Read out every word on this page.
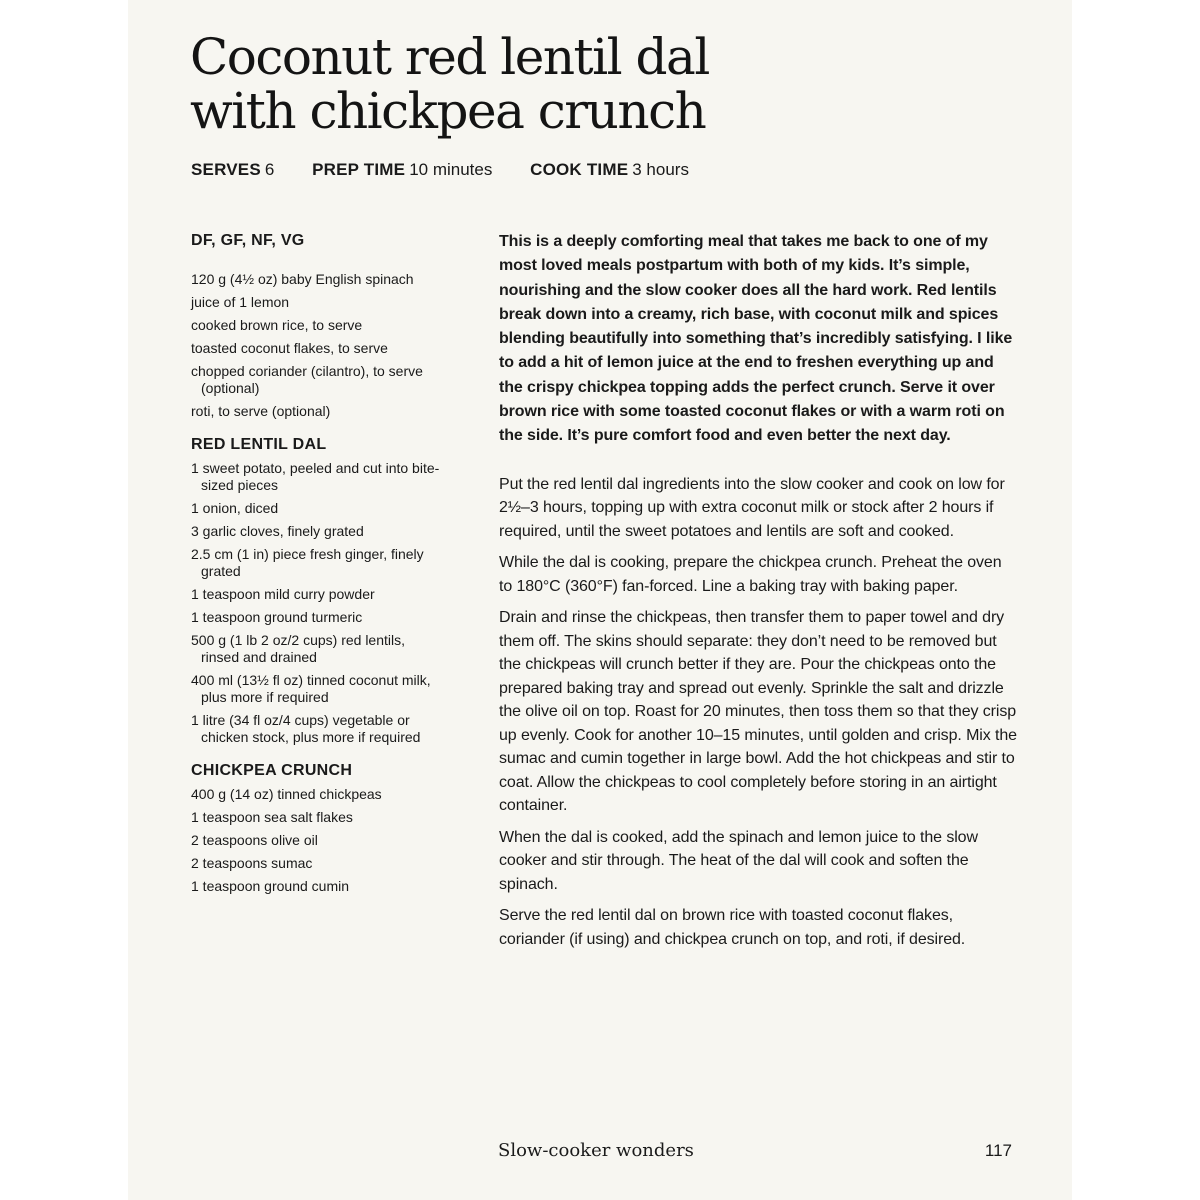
Coconut red lentil dal
with chickpea crunch
SERVES 6 PREP TIME 10 minutes COOK TIME 3 hours
DF, GF, NF, VG
120 g (4½ oz) baby English spinach
juice of 1 lemon
cooked brown rice, to serve
toasted coconut flakes, to serve
chopped coriander (cilantro), to serve (optional)
roti, to serve (optional)
RED LENTIL DAL
1 sweet potato, peeled and cut into bite-sized pieces
1 onion, diced
3 garlic cloves, finely grated
2.5 cm (1 in) piece fresh ginger, finely grated
1 teaspoon mild curry powder
1 teaspoon ground turmeric
500 g (1 lb 2 oz/2 cups) red lentils, rinsed and drained
400 ml (13½ fl oz) tinned coconut milk, plus more if required
1 litre (34 fl oz/4 cups) vegetable or chicken stock, plus more if required
CHICKPEA CRUNCH
400 g (14 oz) tinned chickpeas
1 teaspoon sea salt flakes
2 teaspoons olive oil
2 teaspoons sumac
1 teaspoon ground cumin

This is a deeply comforting meal that takes me back to one of my most loved meals postpartum with both of my kids. It’s simple, nourishing and the slow cooker does all the hard work. Red lentils break down into a creamy, rich base, with coconut milk and spices blending beautifully into something that’s incredibly satisfying. I like to add a hit of lemon juice at the end to freshen everything up and the crispy chickpea topping adds the perfect crunch. Serve it over brown rice with some toasted coconut flakes or with a warm roti on the side. It’s pure comfort food and even better the next day.

Put the red lentil dal ingredients into the slow cooker and cook on low for 2½–3 hours, topping up with extra coconut milk or stock after 2 hours if required, until the sweet potatoes and lentils are soft and cooked.

While the dal is cooking, prepare the chickpea crunch. Preheat the oven to 180°C (360°F) fan-forced. Line a baking tray with baking paper.

Drain and rinse the chickpeas, then transfer them to paper towel and dry them off. The skins should separate: they don’t need to be removed but the chickpeas will crunch better if they are. Pour the chickpeas onto the prepared baking tray and spread out evenly. Sprinkle the salt and drizzle the olive oil on top. Roast for 20 minutes, then toss them so that they crisp up evenly. Cook for another 10–15 minutes, until golden and crisp. Mix the sumac and cumin together in large bowl. Add the hot chickpeas and stir to coat. Allow the chickpeas to cool completely before storing in an airtight container.

When the dal is cooked, add the spinach and lemon juice to the slow cooker and stir through. The heat of the dal will cook and soften the spinach.

Serve the red lentil dal on brown rice with toasted coconut flakes, coriander (if using) and chickpea crunch on top, and roti, if desired.

Slow-cooker wonders	117
